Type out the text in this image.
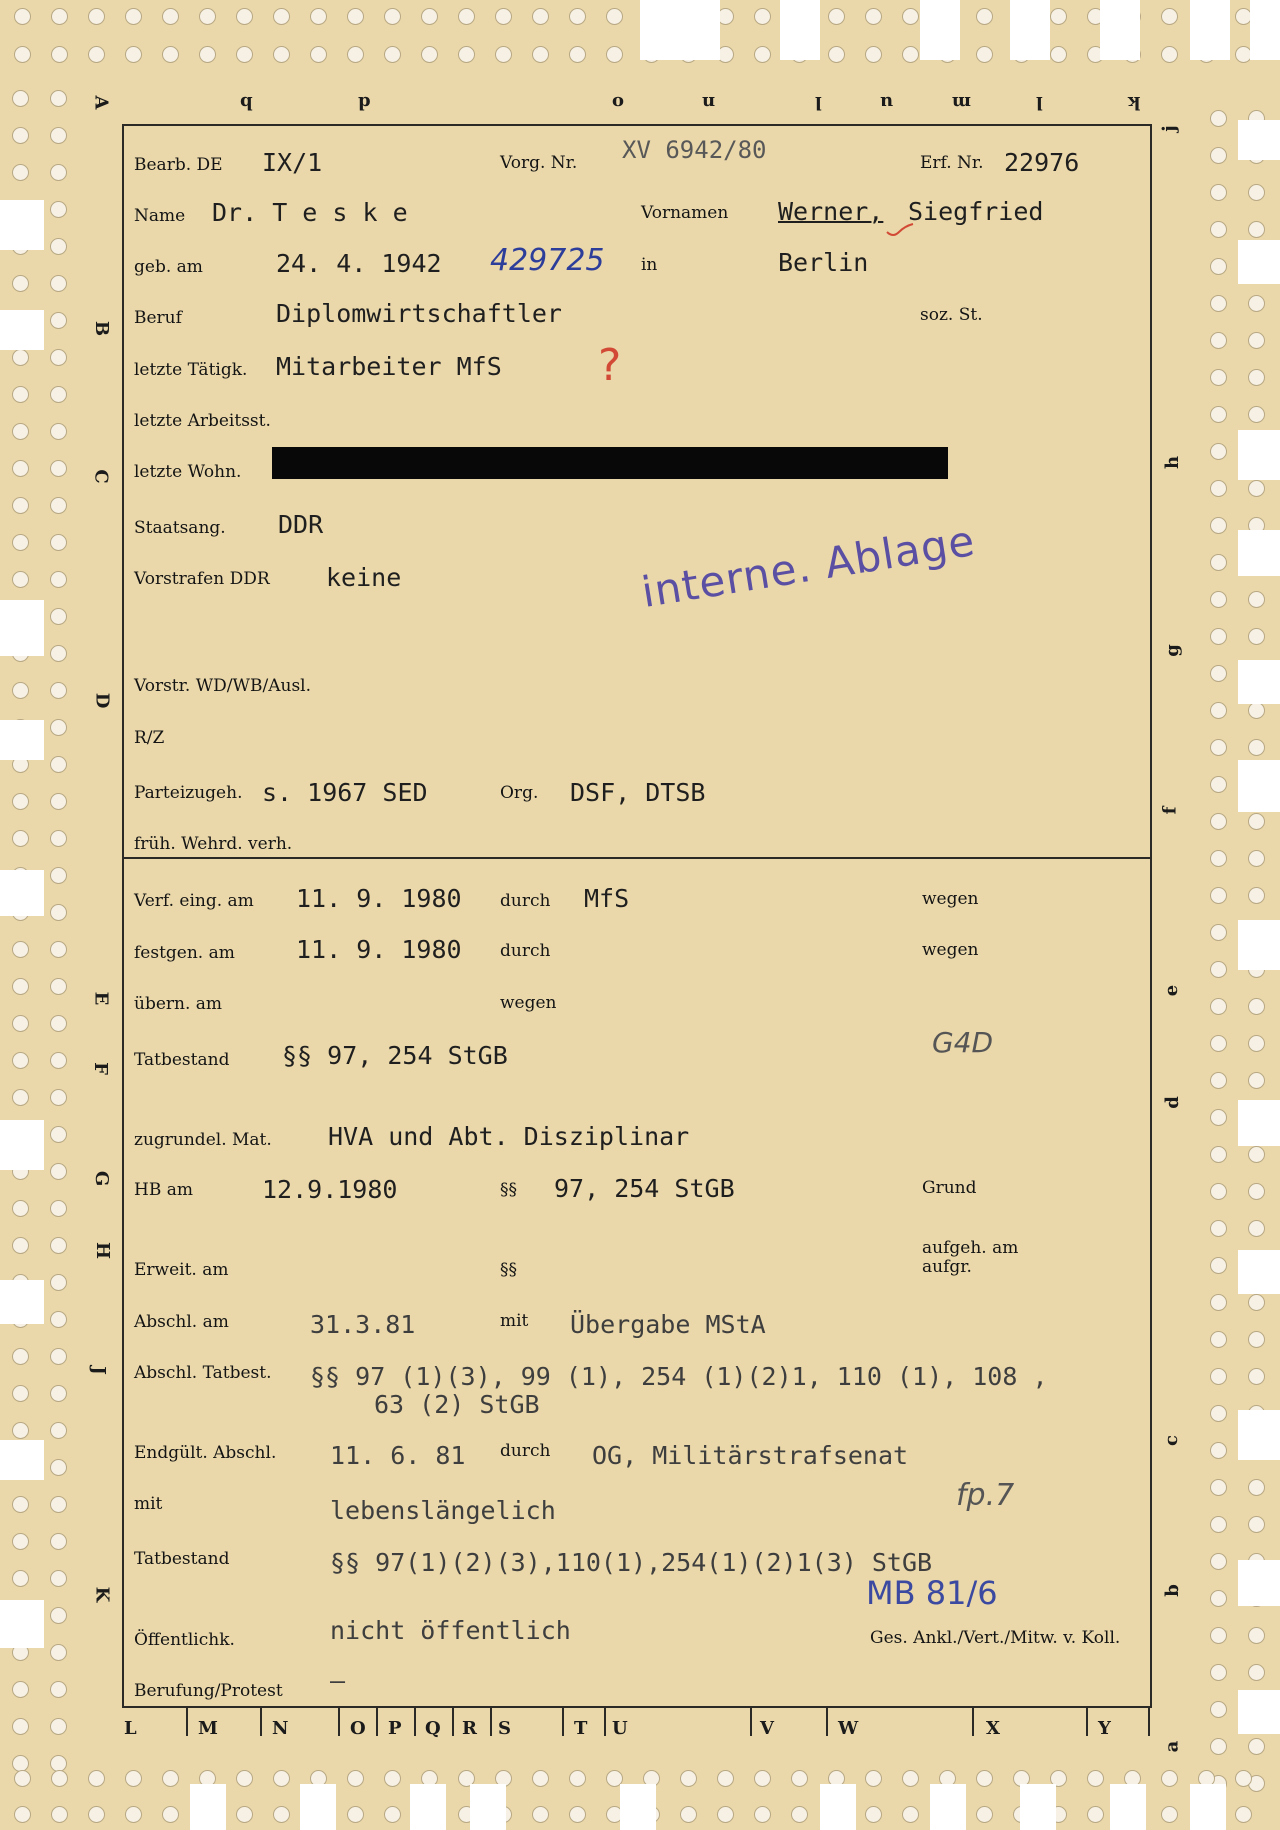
b	d	o	n	l	u	m	l	k
A
B
C
D
E
F
G
H
J
K
j
h
g
f
e
d
c
b
a
L	M	N	O P Q R S	T U	V	W	X	Y
Bearb. DE IX/1	Vorg. Nr. XV 6942/80	Erf. Nr. 22976
Name Dr. T e s k e	Vornamen Werner, Siegfried
geb. am	24. 4. 1942 429725 in	Berlin
Beruf	Diplomwirtschaftler	soz. St.
letzte Tätigk. Mitarbeiter MfS ?
letzte Arbeitsst.
letzte Wohn.
Staatsang. DDR
Vorstrafen DDR keine	interne. Ablage
Vorstr. WD/WB/Ausl.
R/Z
Parteizugeh. s. 1967 SED	Org. DSF, DTSB
früh. Wehrd. verh.
Verf. eing. am 11. 9. 1980 durch MfS	wegen
festgen. am 11. 9. 1980 durch	wegen
übern. am	wegen
Tatbestand §§ 97, 254 StGB	G4D
zugrundel. Mat. HVA und Abt. Disziplinar
HB am	12.9.1980	§§ 97, 254 StGB	Grund
aufgeh. am
aufgr.
Erweit. am	§§
Abschl. am	31.3.81	mit Übergabe MStA
Abschl. Tatbest. §§ 97 (1)(3), 99 (1), 254 (1)(2)1, 110 (1), 108 ,
63 (2) StGB
Endgült. Abschl. 11. 6. 81 durch OG, Militärstrafsenat
mit	lebenslängelich	fp.7
Tatbestand	§§ 97(1)(2)(3),110(1),254(1)(2)1(3) StGB
MB 81/6
Öffentlichk.	nicht öffentlich	Ges. Ankl./Vert./Mitw. v. Koll.
Berufung/Protest —
